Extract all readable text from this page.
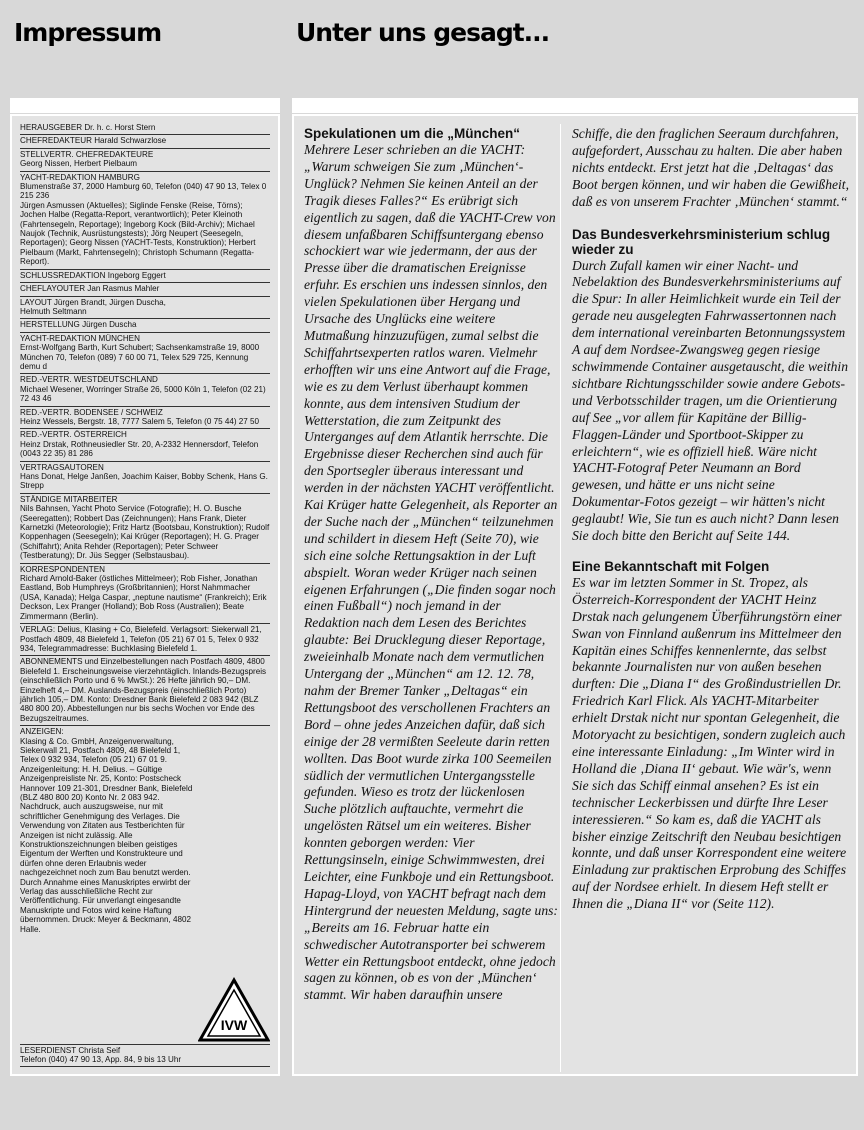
Impressum	Unter uns gesagt...
HERAUSGEBER Dr. h. c. Horst Stern
CHEFREDAKTEUR Harald Schwarzlose
STELLVERTR. CHEFREDAKTEURE
Georg Nissen, Herbert Pielbaum
YACHT-REDAKTION HAMBURG
Blumenstraße 37, 2000 Hamburg 60, Telefon (040) 47 90 13, Telex 0 215 236
Jürgen Asmussen (Aktuelles); Siglinde Fenske (Reise, Törns); Jochen Halbe (Regatta-Report, verantwortlich); Peter Kleinoth (Fahrtensegeln, Reportage); Ingeborg Kock (Bild-Archiv); Michael Naujok (Technik, Ausrüstungstests); Jörg Neupert (Seesegeln, Reportagen); Georg Nissen (YACHT-Tests, Konstruktion); Herbert Pielbaum (Markt, Fahrtensegeln); Christoph Schumann (Regatta-Report).
SCHLUSSREDAKTION Ingeborg Eggert
CHEFLAYOUTER Jan Rasmus Mahler
LAYOUT Jürgen Brandt, Jürgen Duscha,
Helmuth Seltmann
HERSTELLUNG Jürgen Duscha
YACHT-REDAKTION MÜNCHEN
Ernst-Wolfgang Barth, Kurt Schubert; Sachsenkamstraße 19, 8000 München 70, Telefon (089) 7 60 00 71, Telex 529 725, Kennung demu d
RED.-VERTR. WESTDEUTSCHLAND
Michael Wesener, Worringer Straße 26, 5000 Köln 1, Telefon (02 21) 72 43 46
RED.-VERTR. BODENSEE / SCHWEIZ
Heinz Wessels, Bergstr. 18, 7777 Salem 5, Telefon (0 75 44) 27 50
RED.-VERTR. ÖSTERREICH
Heinz Drstak, Rothneusiedler Str. 20, A-2332 Hennersdorf, Telefon (0043 22 35) 81 286
VERTRAGSAUTOREN
Hans Donat, Helge Janßen, Joachim Kaiser, Bobby Schenk, Hans G. Strepp
STÄNDIGE MITARBEITER
Nils Bahnsen, Yacht Photo Service (Fotografie); H. O. Busche (Seeregatten); Robbert Das (Zeichnungen); Hans Frank, Dieter Karnetzki (Meteorologie); Fritz Hartz (Bootsbau, Konstruktion); Rudolf Koppenhagen (Seesegeln); Kai Krüger (Reportagen); H. G. Prager (Schiffahrt); Anita Rehder (Reportagen); Peter Schweer (Testberatung); Dr. Jüs Segger (Selbstausbau).
KORRESPONDENTEN
Richard Arnold-Baker (östliches Mittelmeer); Rob Fisher, Jonathan Eastland, Bob Humphreys (Großbritannien); Horst Nahmmacher (USA, Kanada); Helga Caspar, „neptune nautisme“ (Frankreich); Erik Deckson, Lex Pranger (Holland); Bob Ross (Australien); Beate Zimmermann (Berlin).
VERLAG: Delius, Klasing + Co, Bielefeld. Verlagsort: Siekerwall 21, Postfach 4809, 48 Bielefeld 1, Telefon (05 21) 67 01 5, Telex 0 932 934, Telegrammadresse: Buchklasing Bielefeld 1.
ABONNEMENTS und Einzelbestellungen nach Postfach 4809, 4800 Bielefeld 1. Erscheinungsweise vierzehntäglich. Inlands-Bezugspreis (einschließlich Porto und 6 % MwSt.): 26 Hefte jährlich 90,– DM. Einzelheft 4,– DM. Auslands-Bezugspreis (einschließlich Porto) jährlich 105,– DM. Konto: Dresdner Bank Bielefeld 2 083 942 (BLZ 480 800 20). Abbestellungen nur bis sechs Wochen vor Ende des Bezugszeitraumes.
ANZEIGEN:
Klasing & Co. GmbH, Anzeigenverwaltung, Siekerwall 21, Postfach 4809, 48 Bielefeld 1, Telex 0 932 934, Telefon (05 21) 67 01 9. Anzeigenleitung: H. H. Delius. – Gültige Anzeigenpreisliste Nr. 25, Konto: Postscheck Hannover 109 21-301, Dresdner Bank, Bielefeld (BLZ 480 800 20) Konto Nr. 2 083 942.
Nachdruck, auch auszugsweise, nur mit schriftlicher Genehmigung des Verlages. Die Verwendung von Zitaten aus Testberichten für Anzeigen ist nicht zulässig. Alle Konstruktionszeichnungen bleiben geistiges Eigentum der Werften und Konstrukteure und dürfen ohne deren Erlaubnis weder nachgezeichnet noch zum Bau benutzt werden. Durch Annahme eines Manuskriptes erwirbt der Verlag das ausschließliche Recht zur Veröffentlichung. Für unverlangt eingesandte Manuskripte und Fotos wird keine Haftung übernommen. Druck: Meyer & Beckmann, 4802 Halle.
IVW
LESERDIENST Christa Seif
Telefon (040) 47 90 13, App. 84, 9 bis 13 Uhr
Spekulationen um die „München“

Mehrere Leser schrieben an die YACHT: „Warum schweigen Sie zum ‚München‘-Unglück? Nehmen Sie keinen Anteil an der Tragik dieses Falles?“ Es erübrigt sich eigentlich zu sagen, daß die YACHT-Crew von diesem unfaßbaren Schiffsuntergang ebenso schockiert war wie jedermann, der aus der Presse über die dramatischen Ereignisse erfuhr. Es erschien uns indessen sinnlos, den vielen Spekulationen über Hergang und Ursache des Unglücks eine weitere Mutmaßung hinzuzufügen, zumal selbst die Schiffahrtsexperten ratlos waren. Vielmehr erhofften wir uns eine Antwort auf die Frage, wie es zu dem Verlust überhaupt kommen konnte, aus dem intensiven Studium der Wetterstation, die zum Zeitpunkt des Unterganges auf dem Atlantik herrschte. Die Ergebnisse dieser Recherchen sind auch für den Sportsegler überaus interessant und werden in der nächsten YACHT veröffentlicht. Kai Krüger hatte Gelegenheit, als Reporter an der Suche nach der „München“ teilzunehmen und schildert in diesem Heft (Seite 70), wie sich eine solche Rettungsaktion in der Luft abspielt. Woran weder Krüger nach seinen eigenen Erfahrungen („Die finden sogar noch einen Fußball“) noch jemand in der Redaktion nach dem Lesen des Berichtes glaubte: Bei Drucklegung dieser Reportage, zweieinhalb Monate nach dem vermutlichen Untergang der „München“ am 12. 12. 78, nahm der Bremer Tanker „Deltagas“ ein Rettungsboot des verschollenen Frachters an Bord – ohne jedes Anzeichen dafür, daß sich einige der 28 vermißten Seeleute darin retten wollten. Das Boot wurde zirka 100 Seemeilen südlich der vermutlichen Untergangsstelle gefunden. Wieso es trotz der lückenlosen Suche plötzlich auftauchte, vermehrt die ungelösten Rätsel um ein weiteres. Bisher konnten geborgen werden: Vier Rettungsinseln, einige Schwimmwesten, drei Leichter, eine Funkboje und ein Rettungsboot. Hapag-Lloyd, von YACHT befragt nach dem Hintergrund der neuesten Meldung, sagte uns: „Bereits am 16. Februar hatte ein schwedischer Autotransporter bei schwerem Wetter ein Rettungsboot entdeckt, ohne jedoch sagen zu können, ob es von der ‚München‘ stammt. Wir haben daraufhin unsere

Schiffe, die den fraglichen Seeraum durchfahren, aufgefordert, Ausschau zu halten. Die aber haben nichts entdeckt. Erst jetzt hat die ‚Deltagas‘ das Boot bergen können, und wir haben die Gewißheit, daß es von unserem Frachter ‚München‘ stammt.“

Das Bundesverkehrsministerium schlug wieder zu

Durch Zufall kamen wir einer Nacht- und Nebelaktion des Bundesverkehrsministeriums auf die Spur: In aller Heimlichkeit wurde ein Teil der gerade neu ausgelegten Fahrwassertonnen nach dem international vereinbarten Betonnungssystem A auf dem Nordsee-Zwangsweg gegen riesige schwimmende Container ausgetauscht, die weithin sichtbare Richtungsschilder sowie andere Gebots- und Verbotsschilder tragen, um die Orientierung auf See „vor allem für Kapitäne der Billig-Flaggen-Länder und Sportboot-Skipper zu erleichtern“, wie es offiziell hieß. Wäre nicht YACHT-Fotograf Peter Neumann an Bord gewesen, und hätte er uns nicht seine Dokumentar-Fotos gezeigt – wir hätten's nicht geglaubt! Wie, Sie tun es auch nicht? Dann lesen Sie doch bitte den Bericht auf Seite 144.

Eine Bekanntschaft mit Folgen

Es war im letzten Sommer in St. Tropez, als Österreich-Korrespondent der YACHT Heinz Drstak nach gelungenem Überführungstörn einer Swan von Finnland außenrum ins Mittelmeer den Kapitän eines Schiffes kennenlernte, das selbst bekannte Journalisten nur von außen besehen durften: Die „Diana I“ des Großindustriellen Dr. Friedrich Karl Flick. Als YACHT-Mitarbeiter erhielt Drstak nicht nur spontan Gelegenheit, die Motoryacht zu besichtigen, sondern zugleich auch eine interessante Einladung: „Im Winter wird in Holland die ‚Diana II‘ gebaut. Wie wär's, wenn Sie sich das Schiff einmal ansehen? Es ist ein technischer Leckerbissen und dürfte Ihre Leser interessieren.“ So kam es, daß die YACHT als bisher einzige Zeitschrift den Neubau besichtigen konnte, und daß unser Korrespondent eine weitere Einladung zur praktischen Erprobung des Schiffes auf der Nordsee erhielt. In diesem Heft stellt er Ihnen die „Diana II“ vor (Seite 112).
